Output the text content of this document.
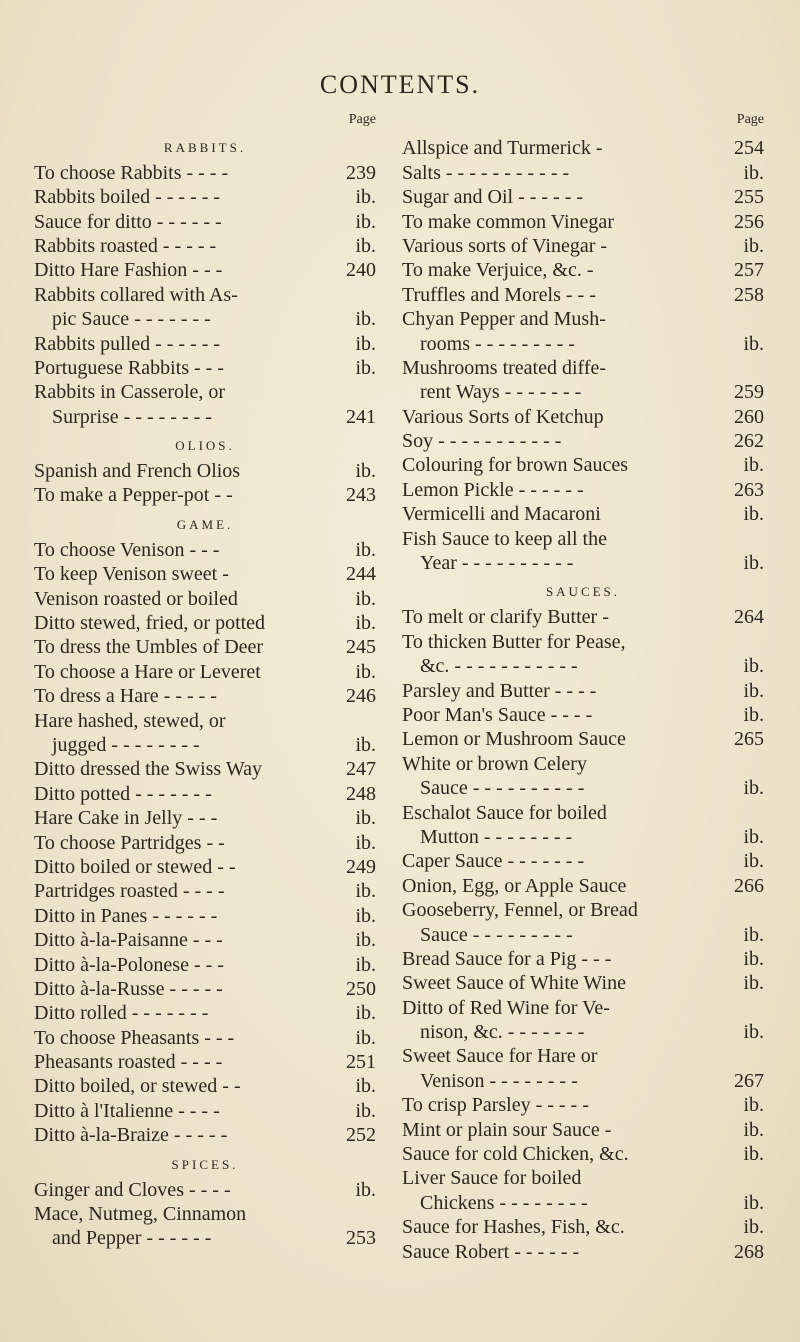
CONTENTS.
Page
RABBITS.
To choose Rabbits - - - -	239
Rabbits boiled - - - - - -	ib.
Sauce for ditto - - - - - -	ib.
Rabbits roasted - - - - -	ib.
Ditto Hare Fashion - - -	240
Rabbits collared with As-
pic Sauce - - - - - - -	ib.
Rabbits pulled - - - - - -	ib.
Portuguese Rabbits - - -	ib.
Rabbits in Casserole, or
Surprise - - - - - - - -	241
OLIOS.
Spanish and French Olios	ib.
To make a Pepper-pot - -	243
GAME.
To choose Venison - - -	ib.
To keep Venison sweet -	244
Venison roasted or boiled	ib.
Ditto stewed, fried, or potted	ib.
To dress the Umbles of Deer	245
To choose a Hare or Leveret	ib.
To dress a Hare - - - - -	246
Hare hashed, stewed, or
jugged - - - - - - - -	ib.
Ditto dressed the Swiss Way	247
Ditto potted - - - - - - -	248
Hare Cake in Jelly - - -	ib.
To choose Partridges - -	ib.
Ditto boiled or stewed - -	249
Partridges roasted - - - -	ib.
Ditto in Panes - - - - - -	ib.
Ditto à-la-Paisanne - - -	ib.
Ditto à-la-Polonese - - -	ib.
Ditto à-la-Russe - - - - -	250
Ditto rolled - - - - - - -	ib.
To choose Pheasants - - -	ib.
Pheasants roasted - - - -	251
Ditto boiled, or stewed - -	ib.
Ditto à l'Italienne - - - -	ib.
Ditto à-la-Braize - - - - -	252
SPICES.
Ginger and Cloves - - - -	ib.
Mace, Nutmeg, Cinnamon
and Pepper - - - - - -	253
Page
Allspice and Turmerick -	254
Salts - - - - - - - - - - -	ib.
Sugar and Oil - - - - - -	255
To make common Vinegar	256
Various sorts of Vinegar -	ib.
To make Verjuice, &c. -	257
Truffles and Morels - - -	258
Chyan Pepper and Mush-
rooms - - - - - - - - -	ib.
Mushrooms treated diffe-
rent Ways - - - - - - -	259
Various Sorts of Ketchup	260
Soy - - - - - - - - - - -	262
Colouring for brown Sauces	ib.
Lemon Pickle - - - - - -	263
Vermicelli and Macaroni	ib.
Fish Sauce to keep all the
Year - - - - - - - - - -	ib.
SAUCES.
To melt or clarify Butter -	264
To thicken Butter for Pease,
&c. - - - - - - - - - - -	ib.
Parsley and Butter - - - -	ib.
Poor Man's Sauce - - - -	ib.
Lemon or Mushroom Sauce	265
White or brown Celery
Sauce - - - - - - - - - -	ib.
Eschalot Sauce for boiled
Mutton - - - - - - - -	ib.
Caper Sauce - - - - - - -	ib.
Onion, Egg, or Apple Sauce	266
Gooseberry, Fennel, or Bread
Sauce - - - - - - - - -	ib.
Bread Sauce for a Pig - - -	ib.
Sweet Sauce of White Wine	ib.
Ditto of Red Wine for Ve-
nison, &c. - - - - - - -	ib.
Sweet Sauce for Hare or
Venison - - - - - - - -	267
To crisp Parsley - - - - -	ib.
Mint or plain sour Sauce -	ib.
Sauce for cold Chicken, &c.	ib.
Liver Sauce for boiled
Chickens - - - - - - - -	ib.
Sauce for Hashes, Fish, &c.	ib.
Sauce Robert - - - - - -	268
